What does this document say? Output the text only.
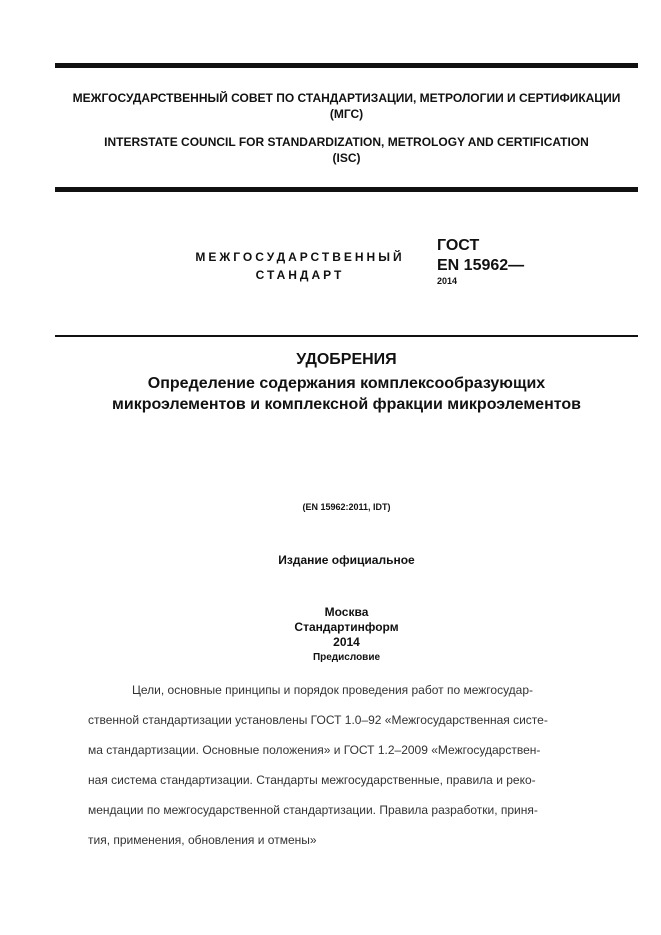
МЕЖГОСУДАРСТВЕННЫЙ СОВЕТ ПО СТАНДАРТИЗАЦИИ, МЕТРОЛОГИИ И СЕРТИФИКАЦИИ
(МГС)
INTERSTATE COUNCIL FOR STANDARDIZATION, METROLOGY AND CERTIFICATION
(ISC)
МЕЖГОСУДАРСТВЕННЫЙ
СТАНДАРТ
ГОСТ
EN 15962—
2014
УДОБРЕНИЯ
Определение содержания комплексообразующих
микроэлементов и комплексной фракции микроэлементов
(EN 15962:2011, IDT)
Издание официальное
Москва
Стандартинформ
2014
Предисловие
Цели, основные принципы и порядок проведения работ по межгосудар-
ственной стандартизации установлены ГОСТ 1.0–92 «Межгосударственная систе-
ма стандартизации. Основные положения» и ГОСТ 1.2–2009 «Межгосударствен-
ная система стандартизации. Стандарты межгосударственные, правила и реко-
мендации по межгосударственной стандартизации. Правила разработки, приня-
тия, применения, обновления и отмены»
